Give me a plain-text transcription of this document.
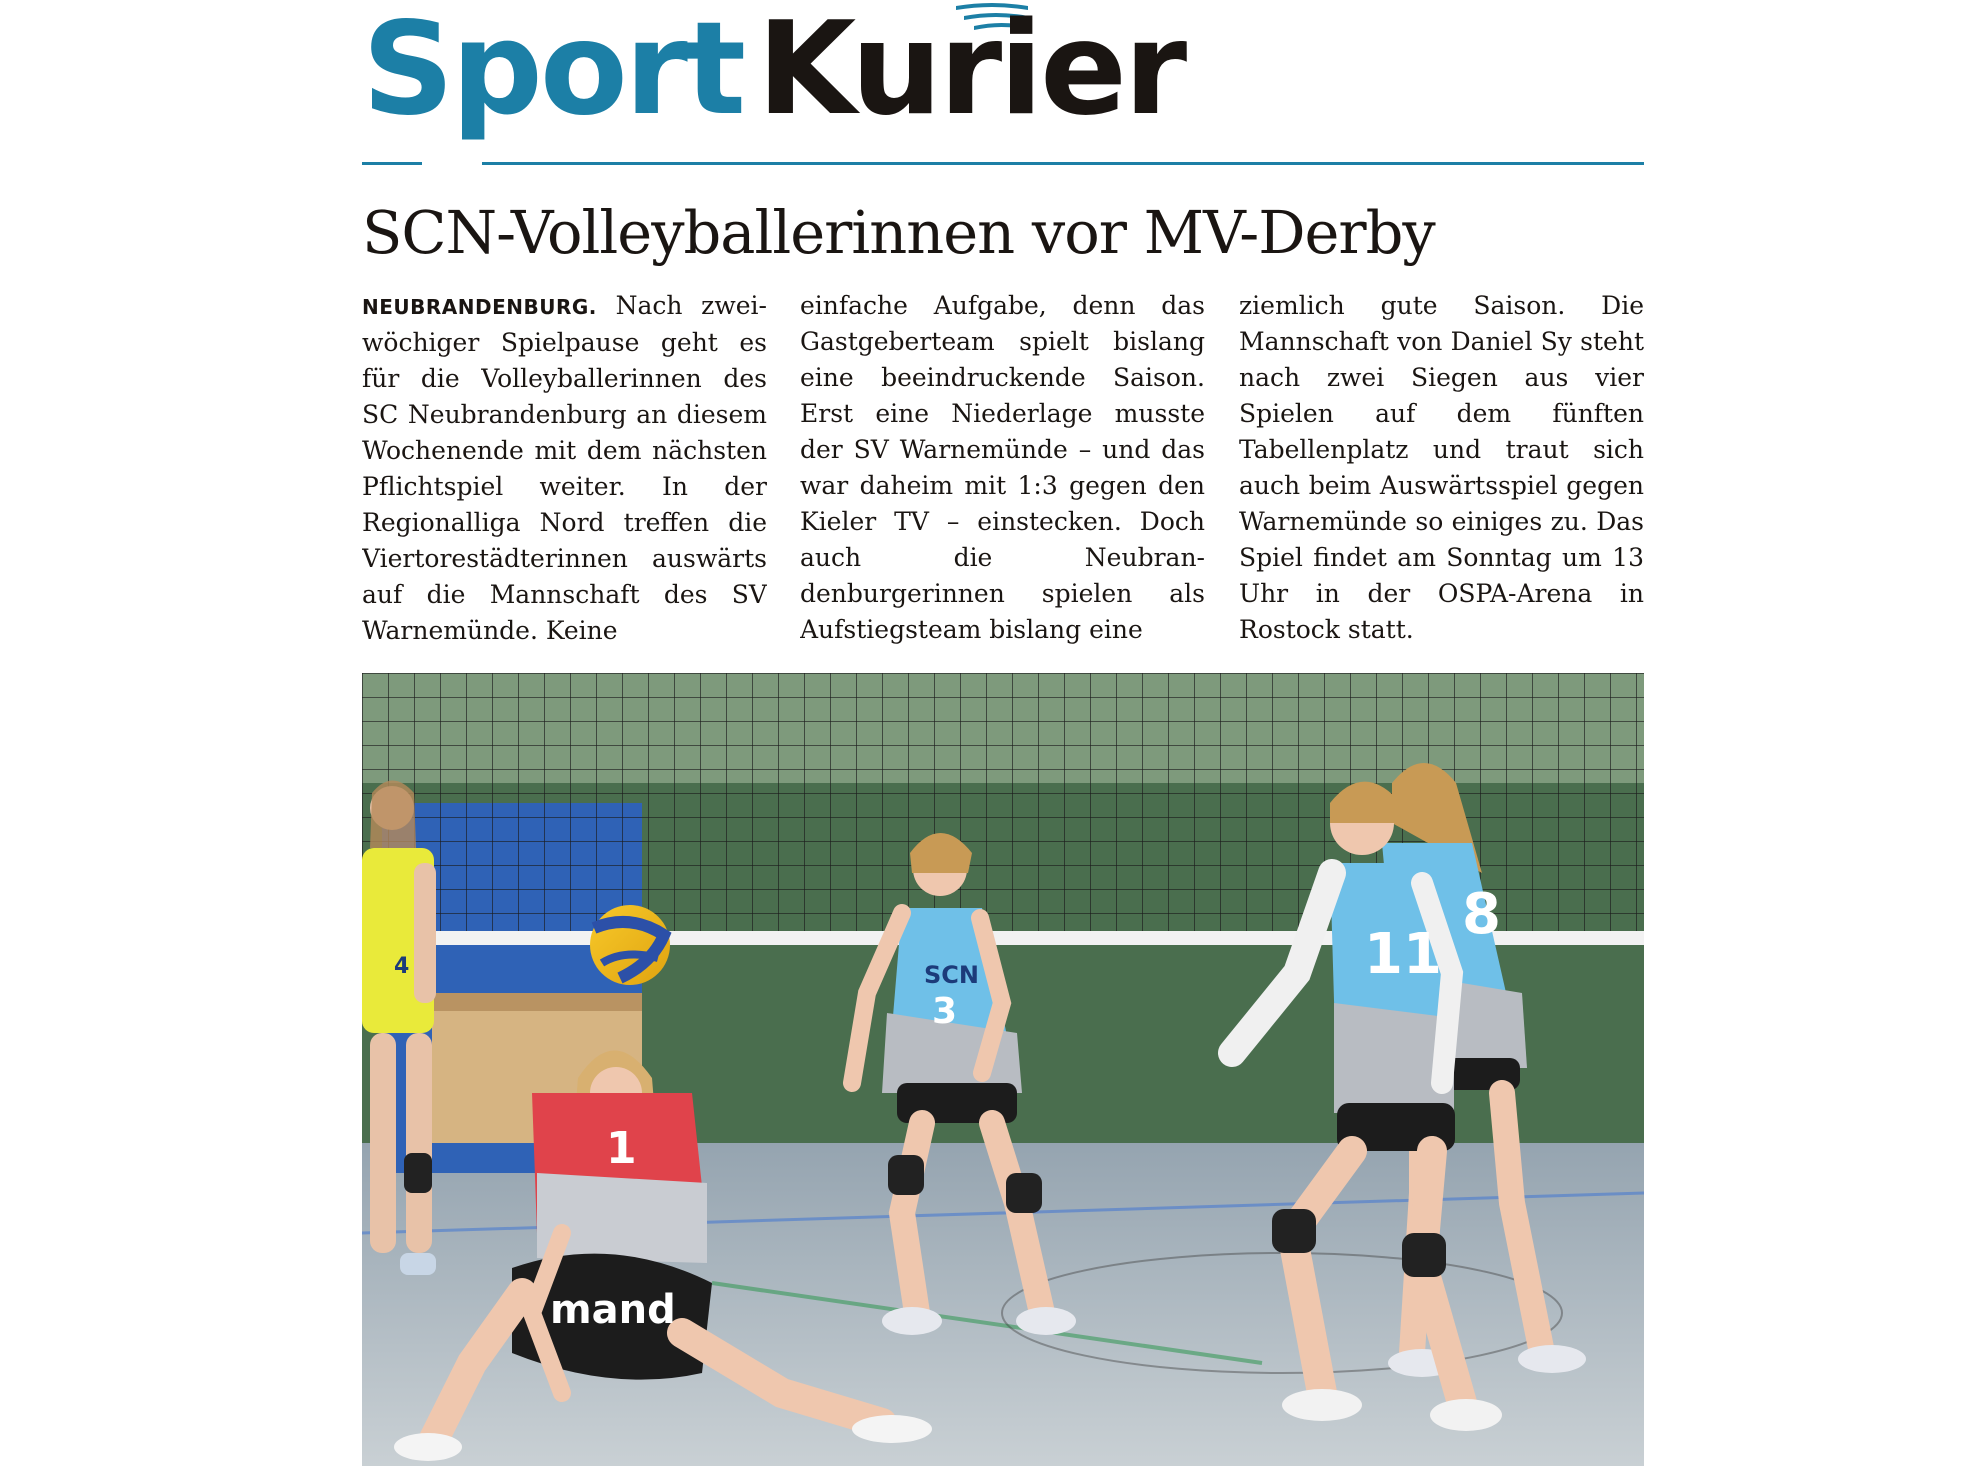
Sport Kurier
SCN-Volleyballerinnen vor MV-Derby

NEUBRANDENBURG. Nach zweiwöchiger Spielpause geht es für die Volleyballerinnen des SC Neubrandenburg an diesem Wochenende mit dem nächsten Pflichtspiel weiter. In der Regionalliga Nord treffen die Viertorestädterinnen auswärts auf die Mannschaft des SV Warnemünde. Keine

einfache Aufgabe, denn das Gastgeberteam spielt bislang eine beeindruckende Saison. Erst eine Niederlage musste der SV Warnemünde – und das war daheim mit 1:3 gegen den Kieler TV – einstecken. Doch auch die Neubrandenburgerinnen spielen als Aufstiegsteam bislang eine

ziemlich gute Saison. Die Mannschaft von Daniel Sy steht nach zwei Siegen aus vier Spielen auf dem fünften Tabellenplatz und traut sich auch beim Auswärtsspiel gegen Warnemünde so einiges zu. Das Spiel findet am Sonntag um 13 Uhr in der OSPA-Arena in Rostock statt.

4	SCN
3
8
11
mand
1
